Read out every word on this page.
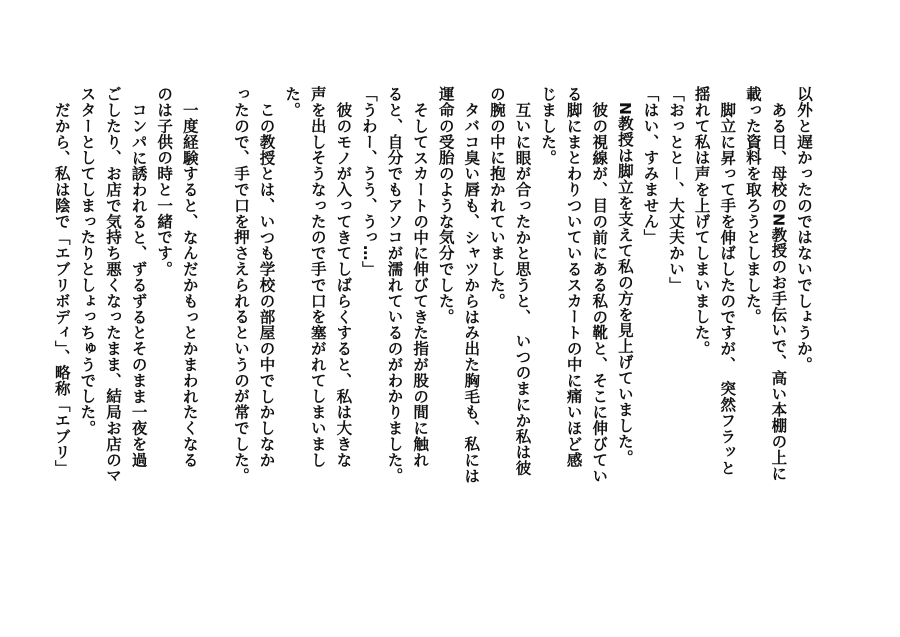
以外と遅かったのではないでしょうか。
ある日、母校のN教授のお手伝いで、高い本棚の上に
載った資料を取ろうとしました。
脚立に昇って手を伸ばしたのですが、　突然フラッと
揺れて私は声を上げてしまいました。
「おっとと－、大丈夫かい」
「はい、すみません」
N教授は脚立を支えて私の方を見上げていました。
彼の視線が、目の前にある私の靴と、そこに伸びてい
る脚にまとわりついているスカートの中に痛いほど感
じました。
互いに眼が合ったかと思うと、　いつのまにか私は彼
の腕の中に抱かれていました。
タバコ臭い唇も、シャツからはみ出た胸毛も、私には
運命の受胎のような気分でした。
そしてスカートの中に伸びてきた指が股の間に触れ
ると、自分でもアソコが濡れているのがわかりました。
「うわー、うう、うっ…」
彼のモノが入ってきてしばらくすると、私は大きな
声を出しそうなったので手で口を塞がれてしまいまし
た。
この教授とは、いつも学校の部屋の中でしかしなか
ったので、手で口を押さえられるというのが常でした。
一度経験すると、なんだかもっとかまわれたくなる
のは子供の時と一緒です。
コンパに誘われると、ずるずるとそのまま一夜を過
ごしたり、お店で気持ち悪くなったまま、結局お店のマ
スターとしてしまったりとしょっちゅうでした。
だから、私は陰で「エブリボディ」、略称「エブリ」
